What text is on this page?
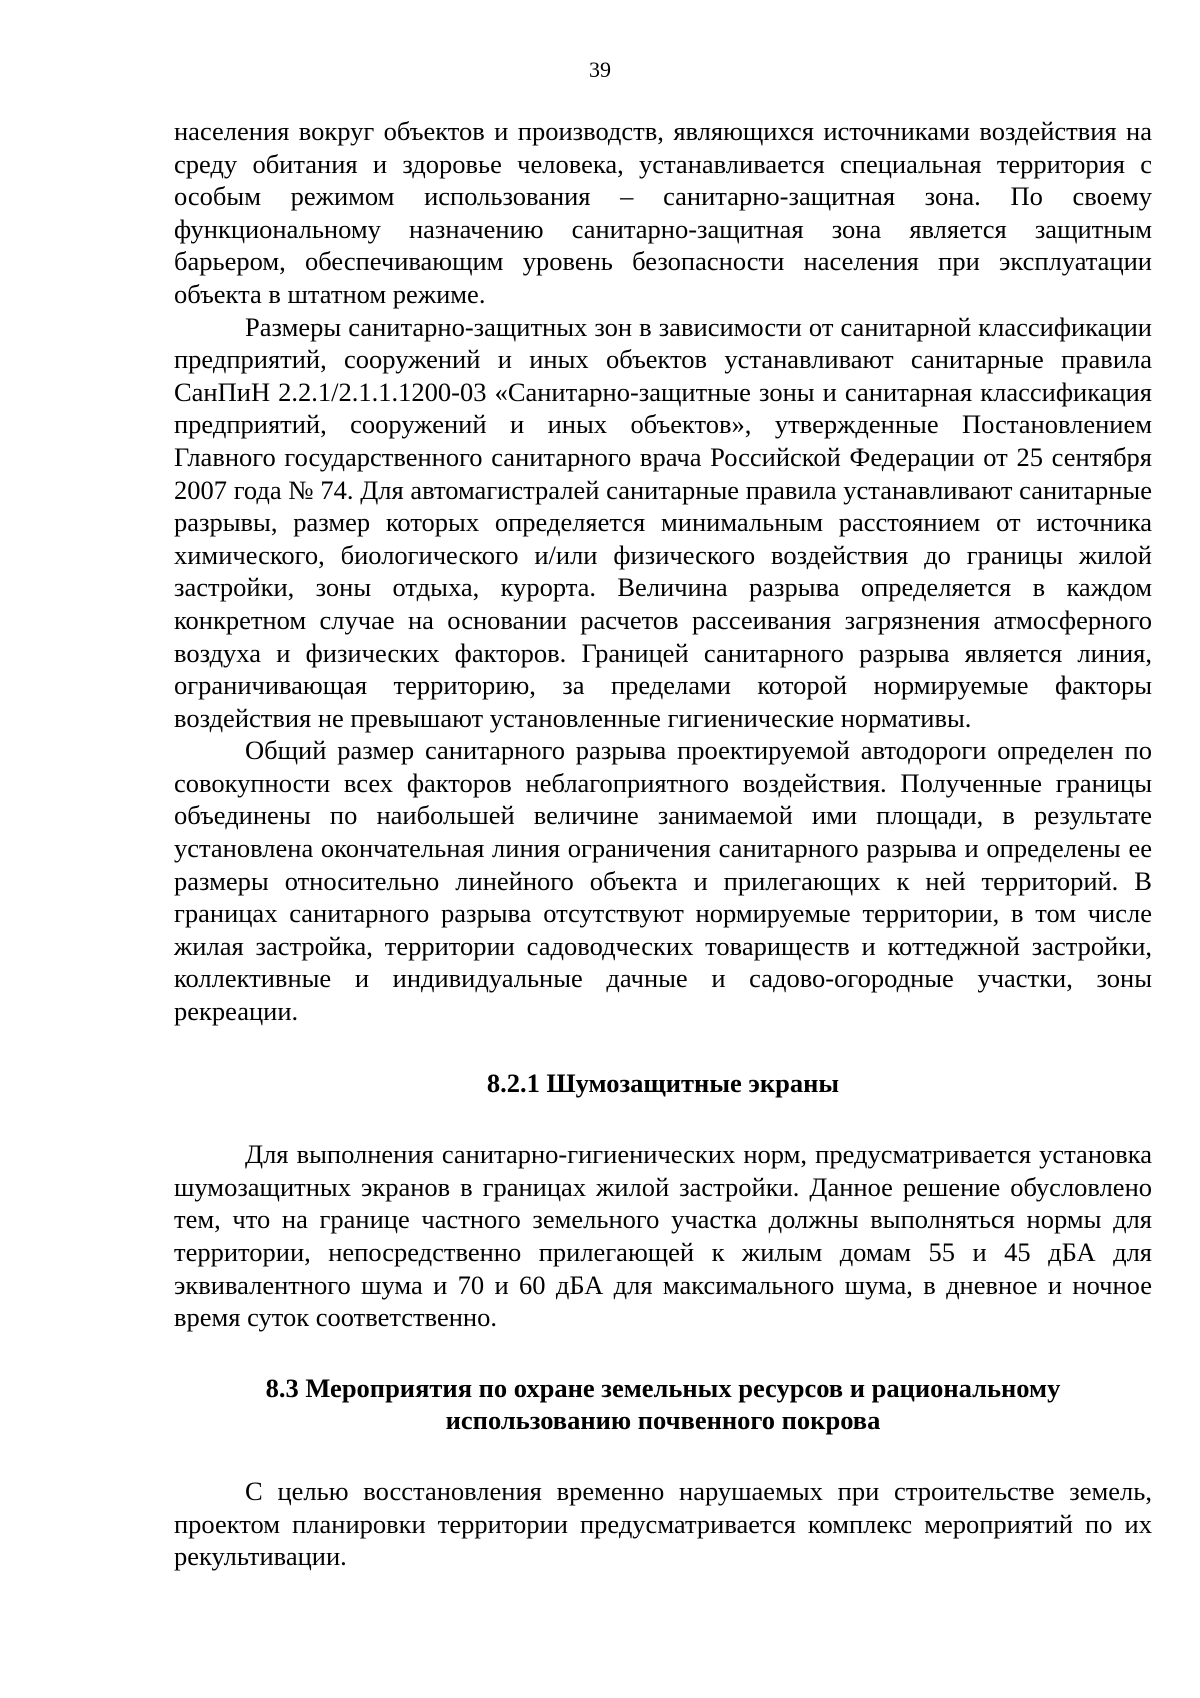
39

населения вокруг объектов и производств, являющихся источниками воздействия на среду обитания и здоровье человека, устанавливается специальная территория с особым режимом использования – санитарно-защитная зона. По своему функциональному назначению санитарно-защитная зона является защитным барьером, обеспечивающим уровень безопасности населения при эксплуатации объекта в штатном режиме.

Размеры санитарно-защитных зон в зависимости от санитарной классификации предприятий, сооружений и иных объектов устанавливают санитарные правила СанПиН 2.2.1/2.1.1.1200-03 «Санитарно-защитные зоны и санитарная классификация предприятий, сооружений и иных объектов», утвержденные Постановлением Главного государственного санитарного врача Российской Федерации от 25 сентября 2007 года № 74. Для автомагистралей санитарные правила устанавливают санитарные разрывы, размер которых определяется минимальным расстоянием от источника химического, биологического и/или физического воздействия до границы жилой застройки, зоны отдыха, курорта. Величина разрыва определяется в каждом конкретном случае на основании расчетов рассеивания загрязнения атмосферного воздуха и физических факторов. Границей санитарного разрыва является линия, ограничивающая территорию, за пределами которой нормируемые факторы воздействия не превышают установленные гигиенические нормативы.

Общий размер санитарного разрыва проектируемой автодороги определен по совокупности всех факторов неблагоприятного воздействия. Полученные границы объединены по наибольшей величине занимаемой ими площади, в результате установлена окончательная линия ограничения санитарного разрыва и определены ее размеры относительно линейного объекта и прилегающих к ней территорий. В границах санитарного разрыва отсутствуют нормируемые территории, в том числе жилая застройка, территории садоводческих товариществ и коттеджной застройки, коллективные и индивидуальные дачные и садово-огородные участки, зоны рекреации.

8.2.1 Шумозащитные экраны

Для выполнения санитарно-гигиенических норм, предусматривается установка шумозащитных экранов в границах жилой застройки. Данное решение обусловлено тем, что на границе частного земельного участка должны выполняться нормы для территории, непосредственно прилегающей к жилым домам 55 и 45 дБА для эквивалентного шума и 70 и 60 дБА для максимального шума, в дневное и ночное время суток соответственно.

8.3 Мероприятия по охране земельных ресурсов и рациональному
использованию почвенного покрова

С целью восстановления временно нарушаемых при строительстве земель, проектом планировки территории предусматривается комплекс мероприятий по их рекультивации.
